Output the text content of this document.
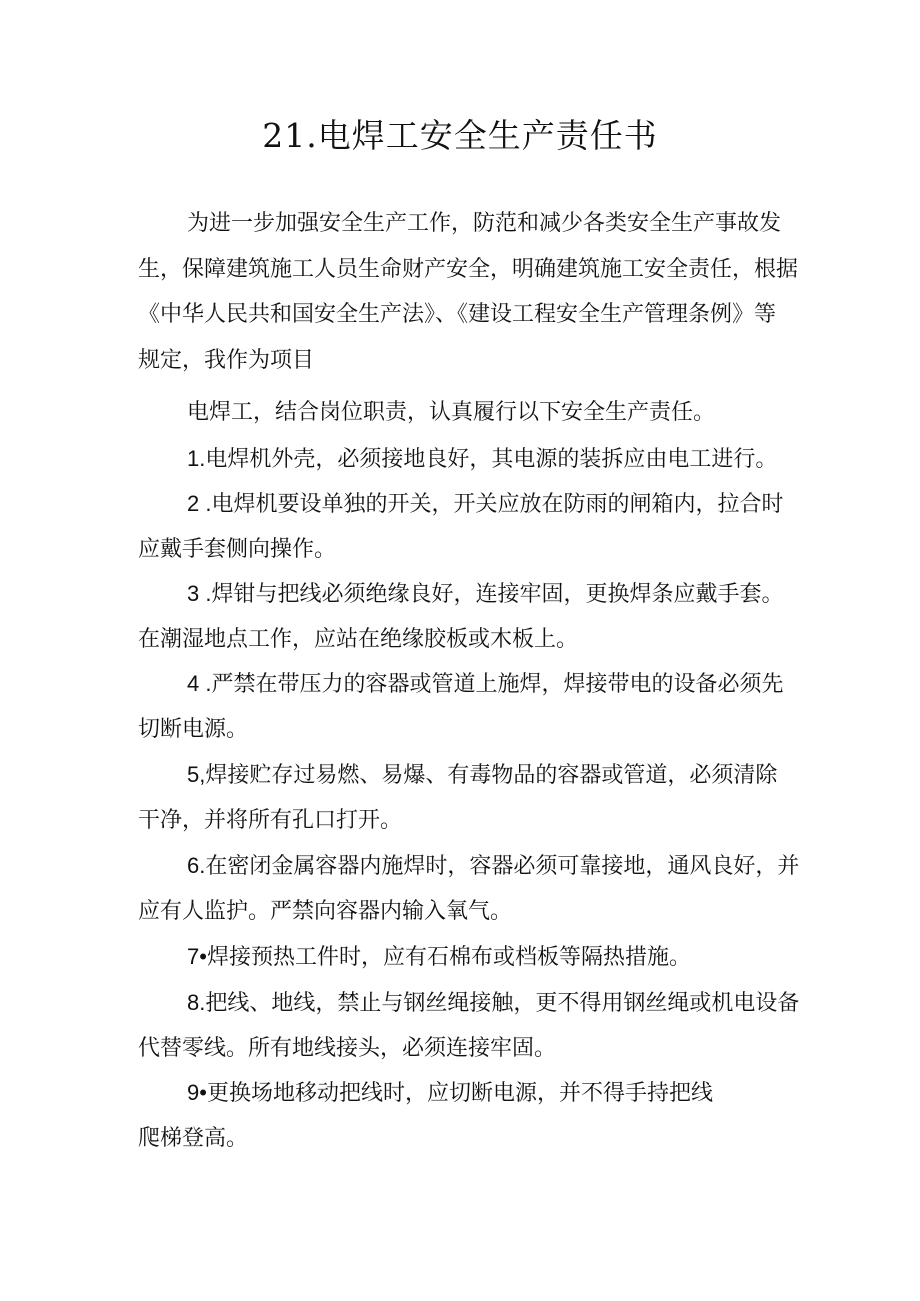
21.电焊工安全生产责任书
为进一步加强安全生产工作，防范和减少各类安全生产事故发
生，保障建筑施工人员生命财产安全，明确建筑施工安全责任，根据
《中华人民共和国安全生产法》、《建设工程安全生产管理条例》等
规定，我作为项目
电焊工，结合岗位职责，认真履行以下安全生产责任。
1.电焊机外壳，必须接地良好，其电源的装拆应由电工进行。
2 .电焊机要设单独的开关，开关应放在防雨的闸箱内，拉合时
应戴手套侧向操作。
3 .焊钳与把线必须绝缘良好，连接牢固，更换焊条应戴手套。
在潮湿地点工作，应站在绝缘胶板或木板上。
4 .严禁在带压力的容器或管道上施焊，焊接带电的设备必须先
切断电源。
5,焊接贮存过易燃、易爆、有毒物品的容器或管道，必须清除
干净，并将所有孔口打开。
6.在密闭金属容器内施焊时，容器必须可靠接地，通风良好，并
应有人监护。严禁向容器内输入氧气。
7•焊接预热工件时，应有石棉布或档板等隔热措施。
8.把线、地线，禁止与钢丝绳接触，更不得用钢丝绳或机电设备
代替零线。所有地线接头，必须连接牢固。
9•更换场地移动把线时，应切断电源，并不得手持把线
爬梯登高。
